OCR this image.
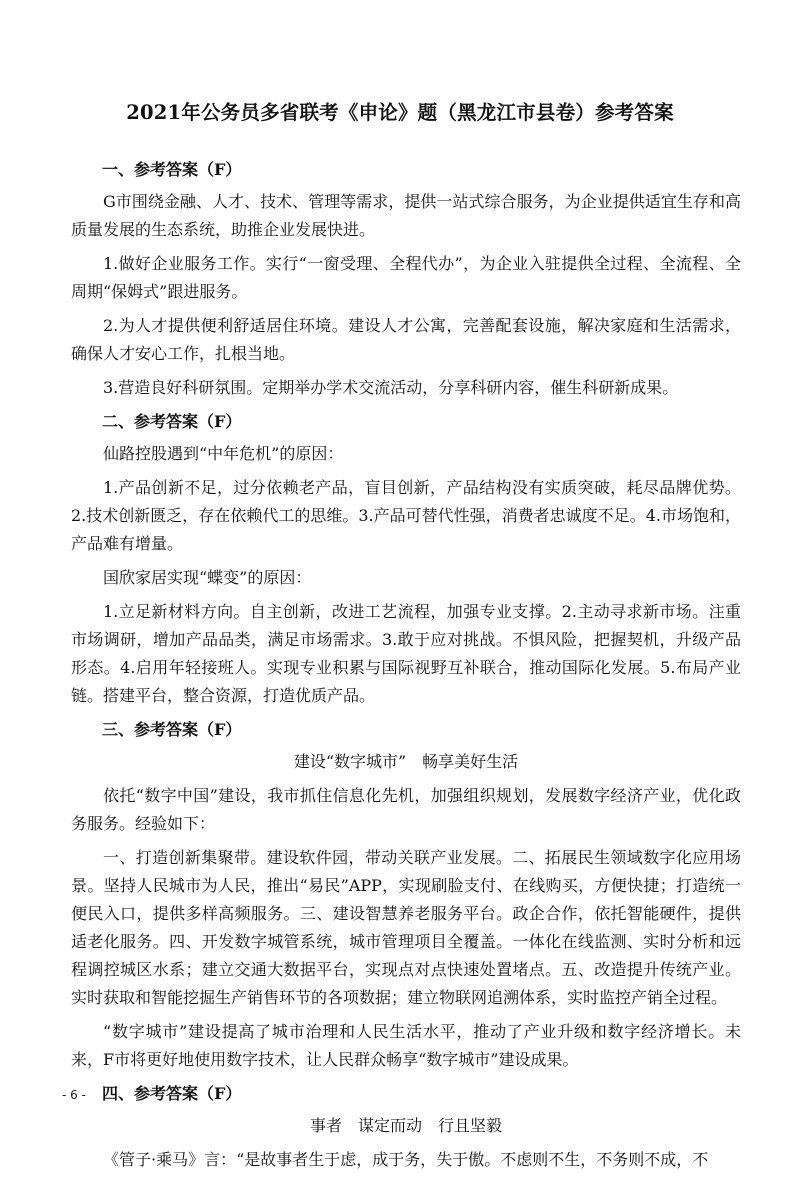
2021年公务员多省联考《申论》题（黑龙江市县卷）参考答案
一、参考答案（F）

G市围绕金融、人才、技术、管理等需求，提供一站式综合服务，为企业提供适宜生存和高质量发展的生态系统，助推企业发展快进。

1.做好企业服务工作。实行“一窗受理、全程代办”，为企业入驻提供全过程、全流程、全周期“保姆式”跟进服务。

2.为人才提供便利舒适居住环境。建设人才公寓，完善配套设施，解决家庭和生活需求，确保人才安心工作，扎根当地。

3.营造良好科研氛围。定期举办学术交流活动，分享科研内容，催生科研新成果。

二、参考答案（F）

仙路控股遇到“中年危机”的原因：

1.产品创新不足，过分依赖老产品，盲目创新，产品结构没有实质突破，耗尽品牌优势。2.技术创新匮乏，存在依赖代工的思维。3.产品可替代性强，消费者忠诚度不足。4.市场饱和，产品难有增量。

国欣家居实现“蝶变”的原因：

1.立足新材料方向。自主创新，改进工艺流程，加强专业支撑。2.主动寻求新市场。注重市场调研，增加产品品类，满足市场需求。3.敢于应对挑战。不惧风险，把握契机，升级产品形态。4.启用年轻接班人。实现专业积累与国际视野互补联合，推动国际化发展。5.布局产业链。搭建平台，整合资源，打造优质产品。

三、参考答案（F）
建设“数字城市”　畅享美好生活

依托“数字中国”建设，我市抓住信息化先机，加强组织规划，发展数字经济产业，优化政务服务。经验如下：

一、打造创新集聚带。建设软件园，带动关联产业发展。二、拓展民生领域数字化应用场景。坚持人民城市为人民，推出“易民”APP，实现刷脸支付、在线购买，方便快捷；打造统一便民入口，提供多样高频服务。三、建设智慧养老服务平台。政企合作，依托智能硬件，提供适老化服务。四、开发数字城管系统，城市管理项目全覆盖。一体化在线监测、实时分析和远程调控城区水系；建立交通大数据平台，实现点对点快速处置堵点。五、改造提升传统产业。实时获取和智能挖掘生产销售环节的各项数据；建立物联网追溯体系，实时监控产销全过程。

“数字城市”建设提高了城市治理和人民生活水平，推动了产业升级和数字经济增长。未来，F市将更好地使用数字技术，让人民群众畅享“数字城市”建设成果。

四、参考答案（F）
事者　谋定而动　行且坚毅

《管子·乘马》言：“是故事者生于虑，成于务，失于傲。不虑则不生，不务则不成，不

- 6 -
